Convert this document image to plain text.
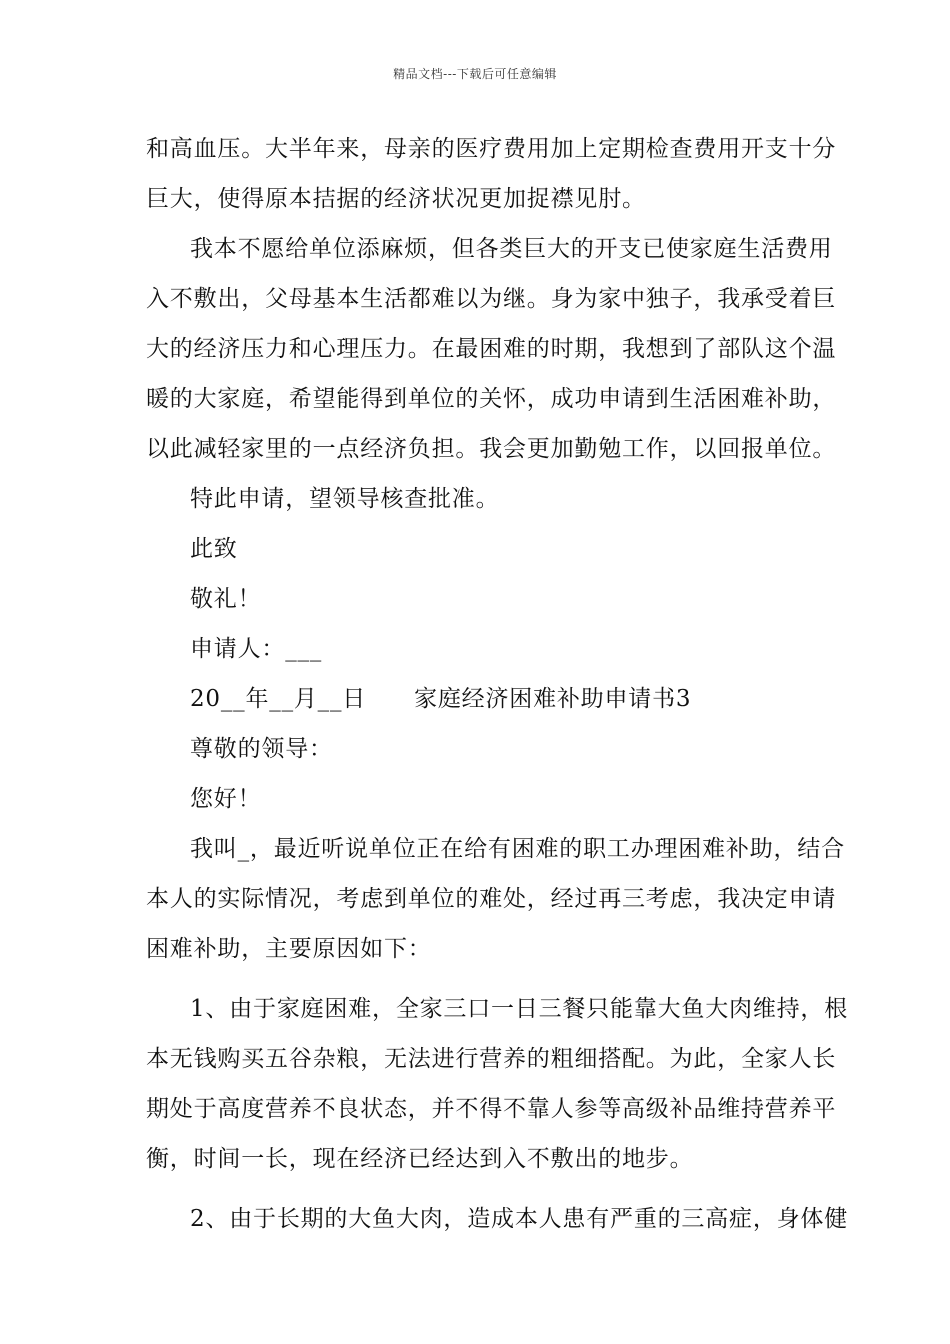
精品文档---下载后可任意编辑
和高血压。大半年来，母亲的医疗费用加上定期检查费用开支十分
巨大，使得原本拮据的经济状况更加捉襟见肘。
我本不愿给单位添麻烦，但各类巨大的开支已使家庭生活费用
入不敷出，父母基本生活都难以为继。身为家中独子，我承受着巨
大的经济压力和心理压力。在最困难的时期，我想到了部队这个温
暖的大家庭，希望能得到单位的关怀，成功申请到生活困难补助，
以此减轻家里的一点经济负担。我会更加勤勉工作，以回报单位。
特此申请，望领导核查批准。
此致
敬礼！
申请人：___
20__年__月__日 家庭经济困难补助申请书3
尊敬的领导：
您好！
我叫_，最近听说单位正在给有困难的职工办理困难补助，结合
本人的实际情况，考虑到单位的难处，经过再三考虑，我决定申请
困难补助，主要原因如下：
1、由于家庭困难，全家三口一日三餐只能靠大鱼大肉维持，根
本无钱购买五谷杂粮，无法进行营养的粗细搭配。为此，全家人长
期处于高度营养不良状态，并不得不靠人参等高级补品维持营养平
衡，时间一长，现在经济已经达到入不敷出的地步。
2、由于长期的大鱼大肉，造成本人患有严重的三高症，身体健
